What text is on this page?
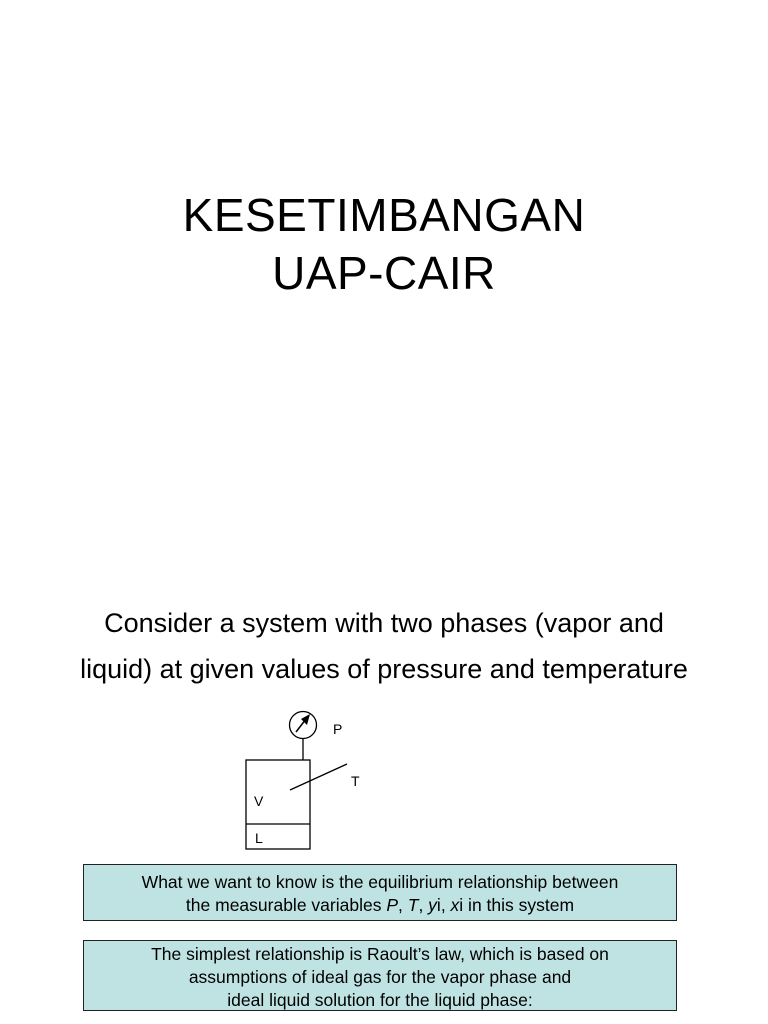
KESETIMBANGAN
UAP-CAIR
Consider a system with two phases (vapor and
liquid) at given values of pressure and temperature
P
T
V
L
What we want to know is the equilibrium relationship between
the measurable variables P, T, yi, xi in this system
The simplest relationship is Raoult’s law, which is based on
assumptions of ideal gas for the vapor phase and
ideal liquid solution for the liquid phase:
